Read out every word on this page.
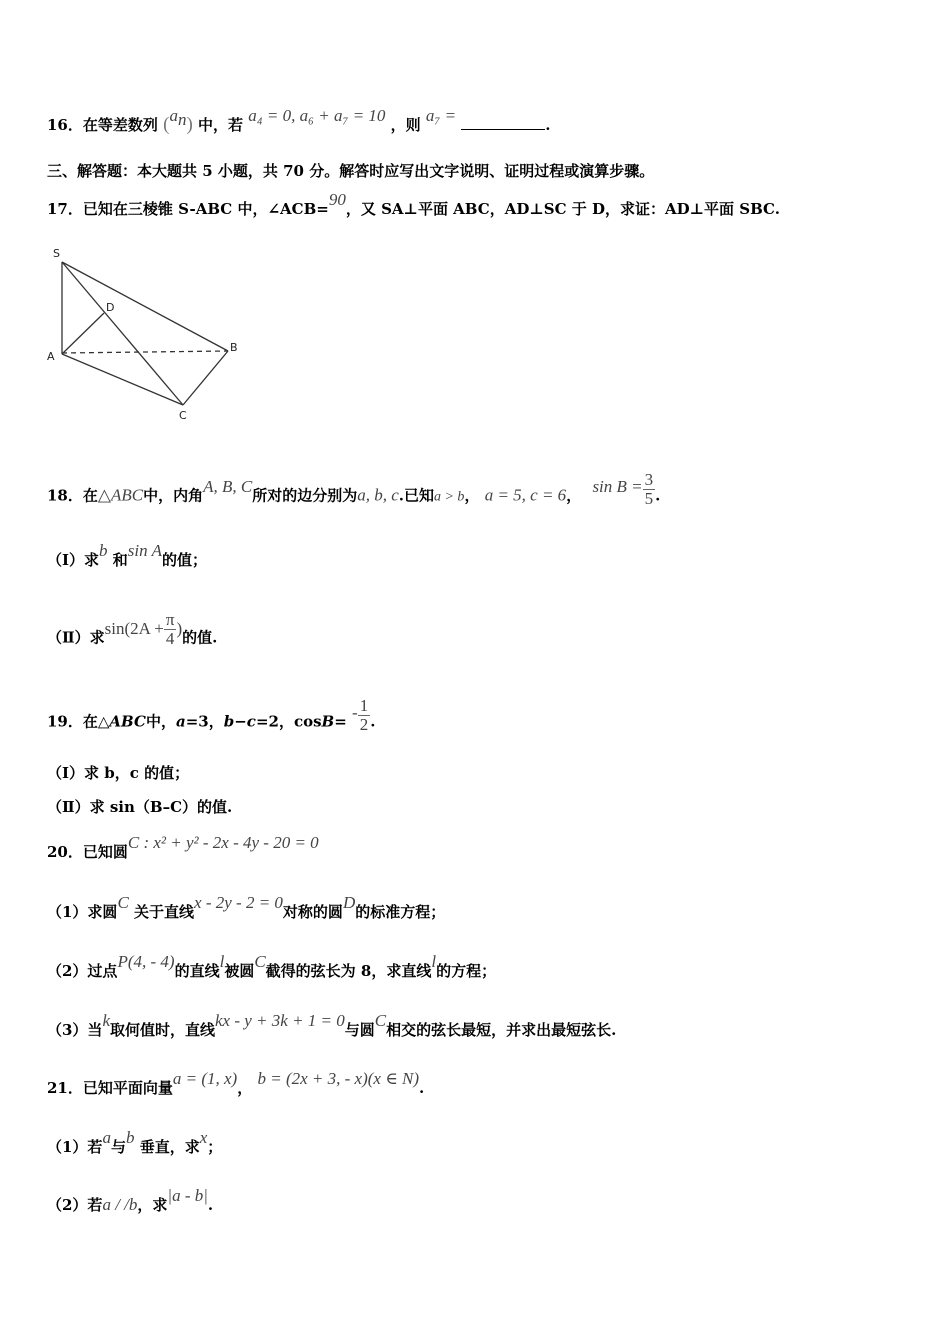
16．在等差数列 $(a_n)$ 中，若 a₄ = 0, a₆ + a₇ = 10 ，则 a₇ =	.
三、解答题：本大题共 5 小题，共 70 分。解答时应写出文字说明、证明过程或演算步骤。
17．已知在三棱锥 S-ABC 中，∠ACB=90，又 SA⊥平面 ABC，AD⊥SC 于 D，求证：AD⊥平面 SBC.
S
D
A
B
C
18．在△ABC中，内角A, B, C所对的边分别为a, b, c.已知a > b， a = 5, c = 6， $\sin B = \frac{3}{5}$ .
（Ⅰ）求b 和sin A的值；
（Ⅱ）求$\sin(2A + \frac{\pi}{4}$ )的值.
19．在△ABC中，a=3，b−c=2，$\cos B= - \frac{1}{2}$ .
（Ⅰ）求 b，c 的值；
（Ⅱ）求 sin（B–C）的值.
20．已知圆C : x² + y² - 2x - 4y - 20 = 0
（1）求圆C 关于直线x - 2y - 2 = 0对称的圆D的标准方程；
（2）过点P(4, - 4)的直线l被圆C截得的弦长为 8，求直线l的方程；
（3）当k取何值时，直线kx - y + 3k + 1 = 0与圆C相交的弦长最短，并求出最短弦长.
21．已知平面向量a = (1, x)， b = (2x + 3, - x)(x ∈ N).
（1）若a与b 垂直，求x；
（2）若a / /b，求|a - b|.
